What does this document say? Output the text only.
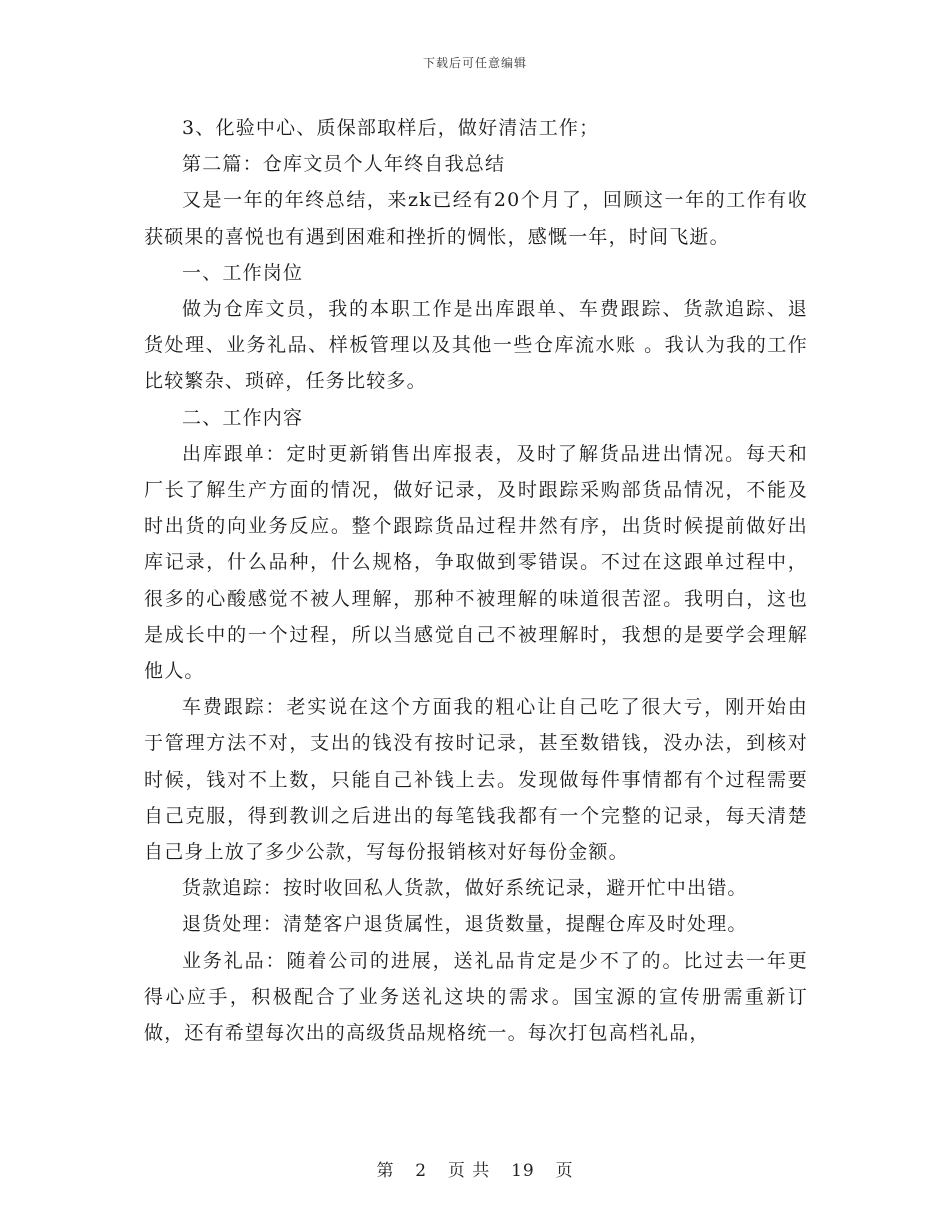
下载后可任意编辑

3、化验中心、质保部取样后，做好清洁工作；

第二篇：仓库文员个人年终自我总结

又是一年的年终总结，来zk已经有20个月了，回顾这一年的工作有收获硕果的喜悦也有遇到困难和挫折的惆怅，感慨一年，时间飞逝。

一、工作岗位

做为仓库文员，我的本职工作是出库跟单、车费跟踪、货款追踪、退货处理、业务礼品、样板管理以及其他一些仓库流水账 。我认为我的工作比较繁杂、琐碎，任务比较多。

二、工作内容

出库跟单：定时更新销售出库报表，及时了解货品进出情况。每天和厂长了解生产方面的情况，做好记录，及时跟踪采购部货品情况，不能及时出货的向业务反应。整个跟踪货品过程井然有序，出货时候提前做好出库记录，什么品种，什么规格，争取做到零错误。不过在这跟单过程中，很多的心酸感觉不被人理解，那种不被理解的味道很苦涩。我明白，这也是成长中的一个过程，所以当感觉自己不被理解时，我想的是要学会理解他人。

车费跟踪：老实说在这个方面我的粗心让自己吃了很大亏，刚开始由于管理方法不对，支出的钱没有按时记录，甚至数错钱，没办法，到核对时候，钱对不上数，只能自己补钱上去。发现做每件事情都有个过程需要自己克服，得到教训之后进出的每笔钱我都有一个完整的记录，每天清楚自己身上放了多少公款，写每份报销核对好每份金额。

货款追踪：按时收回私人货款，做好系统记录，避开忙中出错。

退货处理：清楚客户退货属性，退货数量，提醒仓库及时处理。

业务礼品：随着公司的进展，送礼品肯定是少不了的。比过去一年更得心应手，积极配合了业务送礼这块的需求。国宝源的宣传册需重新订做，还有希望每次出的高级货品规格统一。每次打包高档礼品，

第 2 页 共 19 页
